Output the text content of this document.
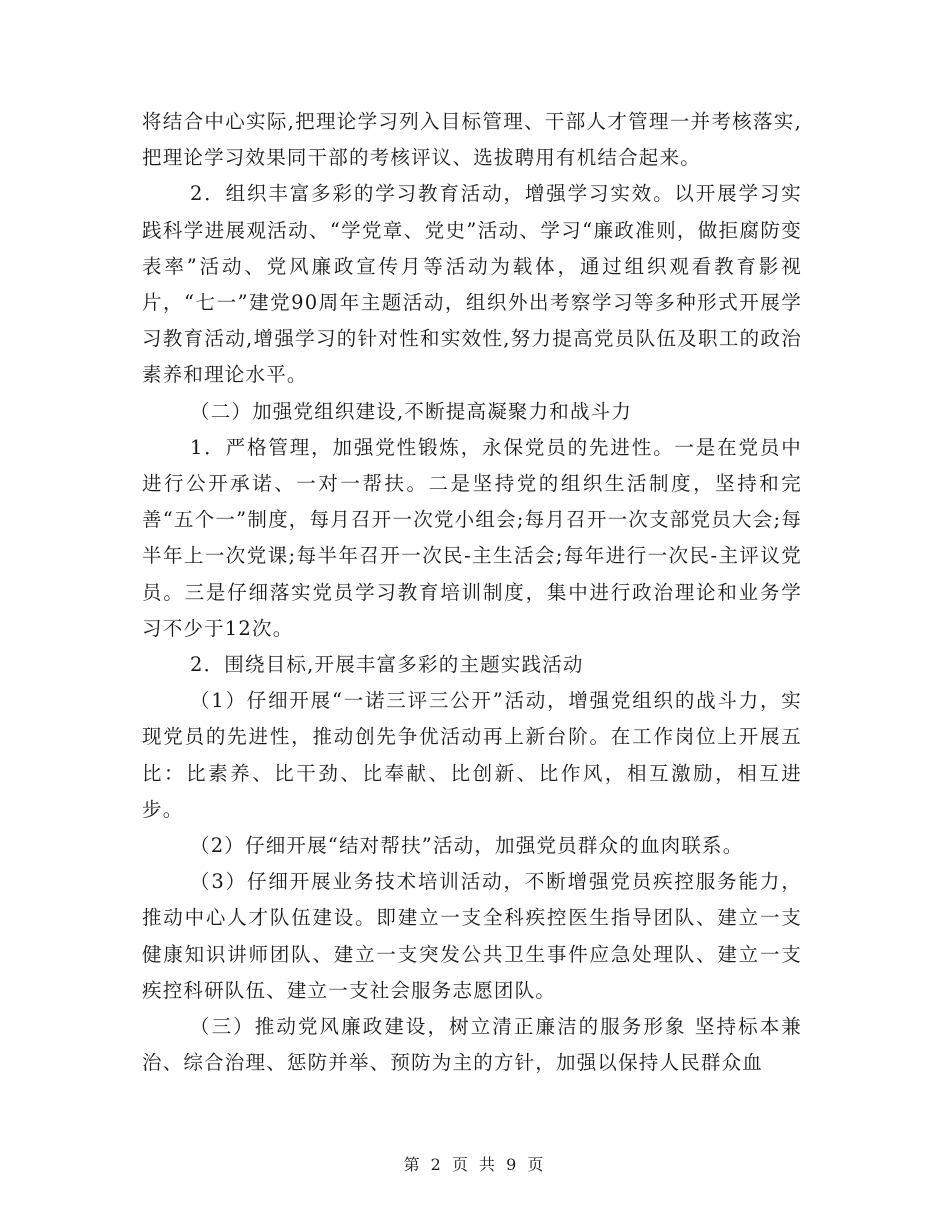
将结合中心实际,把理论学习列入目标管理、干部人才管理一并考核落实,把理论学习效果同干部的考核评议、选拔聘用有机结合起来。

2．组织丰富多彩的学习教育活动，增强学习实效。以开展学习实践科学进展观活动、“学党章、党史”活动、学习“廉政准则，做拒腐防变表率”活动、党风廉政宣传月等活动为载体，通过组织观看教育影视片，“七一”建党90周年主题活动，组织外出考察学习等多种形式开展学习教育活动,增强学习的针对性和实效性,努力提高党员队伍及职工的政治素养和理论水平。

（二）加强党组织建设,不断提高凝聚力和战斗力

1．严格管理，加强党性锻炼，永保党员的先进性。一是在党员中进行公开承诺、一对一帮扶。二是坚持党的组织生活制度，坚持和完善“五个一”制度，每月召开一次党小组会;每月召开一次支部党员大会;每半年上一次党课;每半年召开一次民-主生活会;每年进行一次民-主评议党员。三是仔细落实党员学习教育培训制度，集中进行政治理论和业务学习不少于12次。

2．围绕目标,开展丰富多彩的主题实践活动

（1）仔细开展“一诺三评三公开”活动，增强党组织的战斗力，实现党员的先进性，推动创先争优活动再上新台阶。在工作岗位上开展五比：比素养、比干劲、比奉献、比创新、比作风，相互激励，相互进步。

（2）仔细开展“结对帮扶”活动，加强党员群众的血肉联系。

（3）仔细开展业务技术培训活动，不断增强党员疾控服务能力，推动中心人才队伍建设。即建立一支全科疾控医生指导团队、建立一支健康知识讲师团队、建立一支突发公共卫生事件应急处理队、建立一支疾控科研队伍、建立一支社会服务志愿团队。

（三）推动党风廉政建设，树立清正廉洁的服务形象 坚持标本兼治、综合治理、惩防并举、预防为主的方针，加强以保持人民群众血

第 2 页 共 9 页
